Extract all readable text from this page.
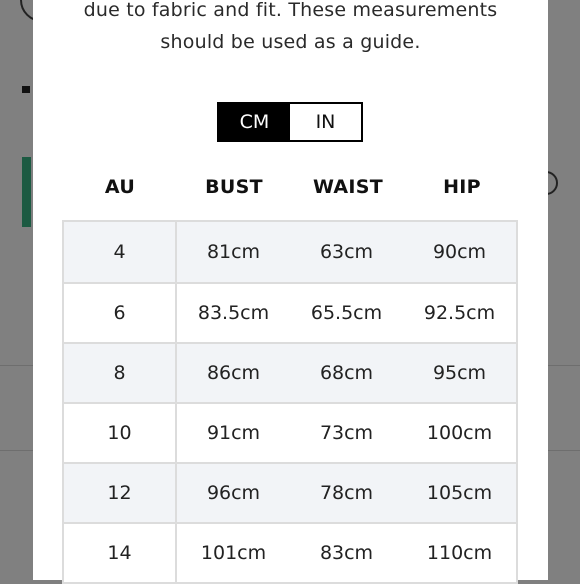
due to fabric and fit. These measurements
should be used as a guide.
CM	IN
AU	BUST	WAIST	HIP
4	81cm	63cm	90cm
6	83.5cm	65.5cm	92.5cm
8	86cm	68cm	95cm
10	91cm	73cm	100cm
12	96cm	78cm	105cm
14	101cm	83cm	110cm
